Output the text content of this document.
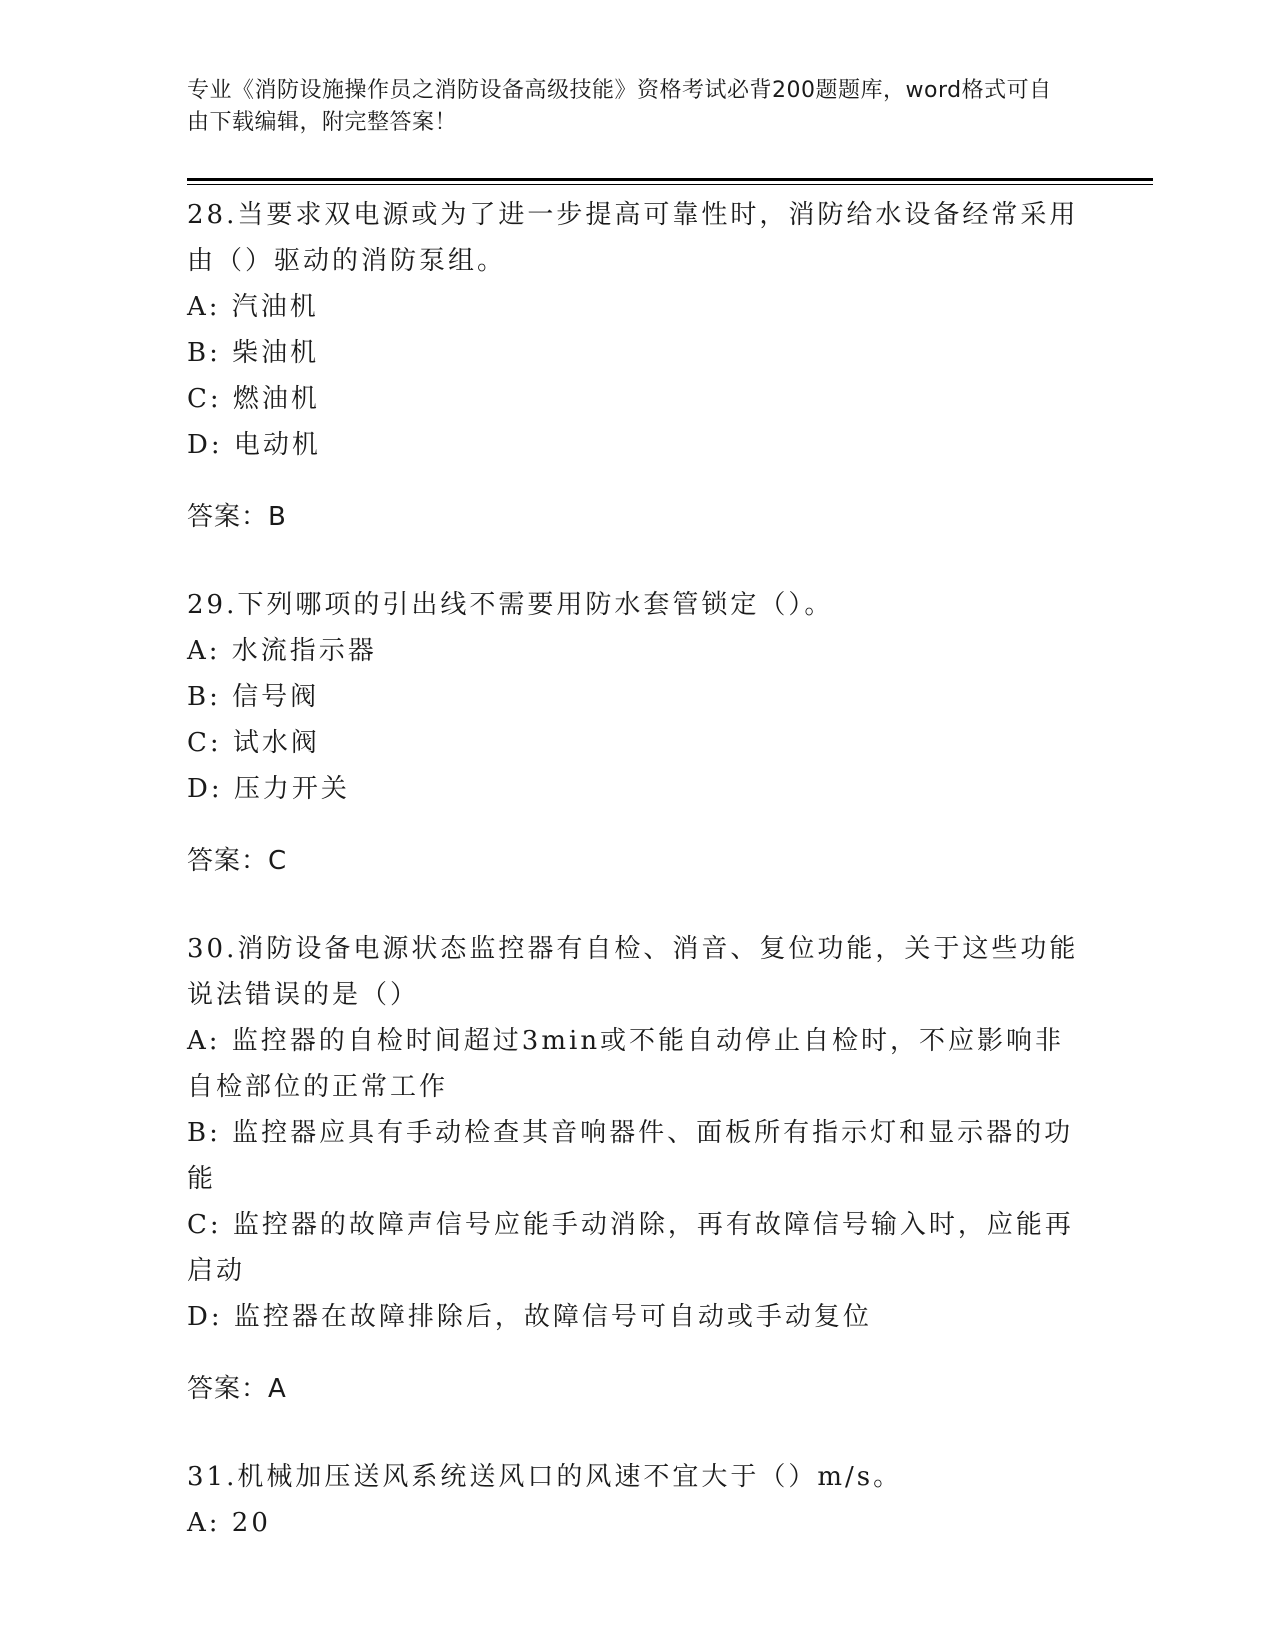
专业《消防设施操作员之消防设备高级技能》资格考试必背200题题库，word格式可自由下载编辑，附完整答案！

28.当要求双电源或为了进一步提高可靠性时，消防给水设备经常采用由（）驱动的消防泵组。

A: 汽油机

B: 柴油机

C: 燃油机

D: 电动机

答案：B

29.下列哪项的引出线不需要用防水套管锁定（）。

A: 水流指示器

B: 信号阀

C: 试水阀

D: 压力开关

答案：C

30.消防设备电源状态监控器有自检、消音、复位功能，关于这些功能说法错误的是（）

A: 监控器的自检时间超过3min或不能自动停止自检时，不应影响非自检部位的正常工作

B: 监控器应具有手动检查其音响器件、面板所有指示灯和显示器的功能

C: 监控器的故障声信号应能手动消除，再有故障信号输入时，应能再启动

D: 监控器在故障排除后，故障信号可自动或手动复位

答案：A

31.机械加压送风系统送风口的风速不宜大于（）m/s。

A: 20
